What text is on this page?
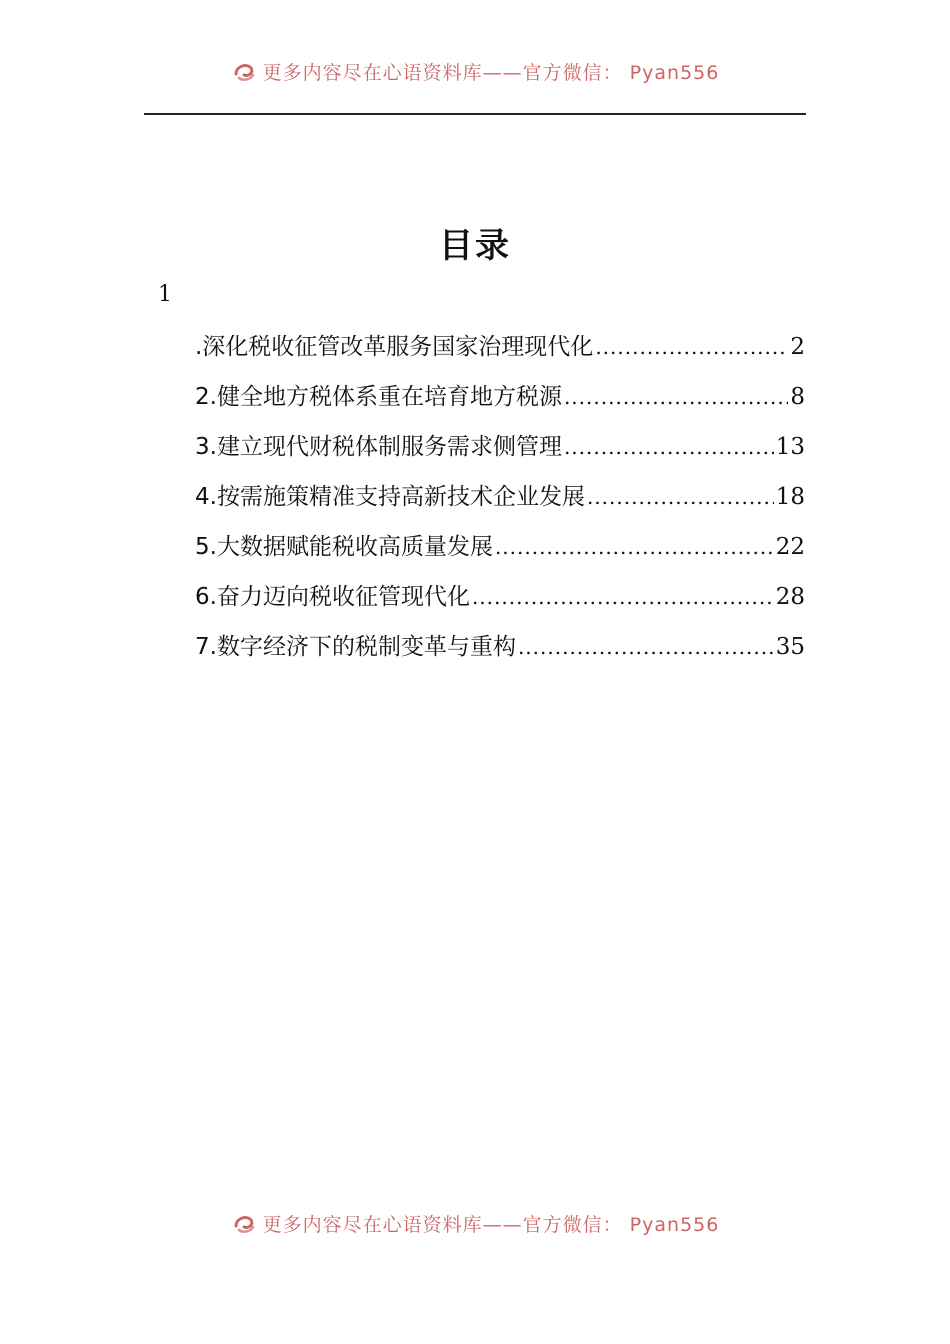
更多内容尽在心语资料库——官方微信： Pyan556
目录
1
.深化税收征管改革服务国家治理现代化 .....	2
2.健全地方税体系重在培育地方税源 .....	8
3.建立现代财税体制服务需求侧管理 .....	13
4.按需施策精准支持高新技术企业发展 .....	18
5.大数据赋能税收高质量发展 .....	22
6.奋力迈向税收征管现代化 .....	28
7.数字经济下的税制变革与重构 .....	35
更多内容尽在心语资料库——官方微信： Pyan556
